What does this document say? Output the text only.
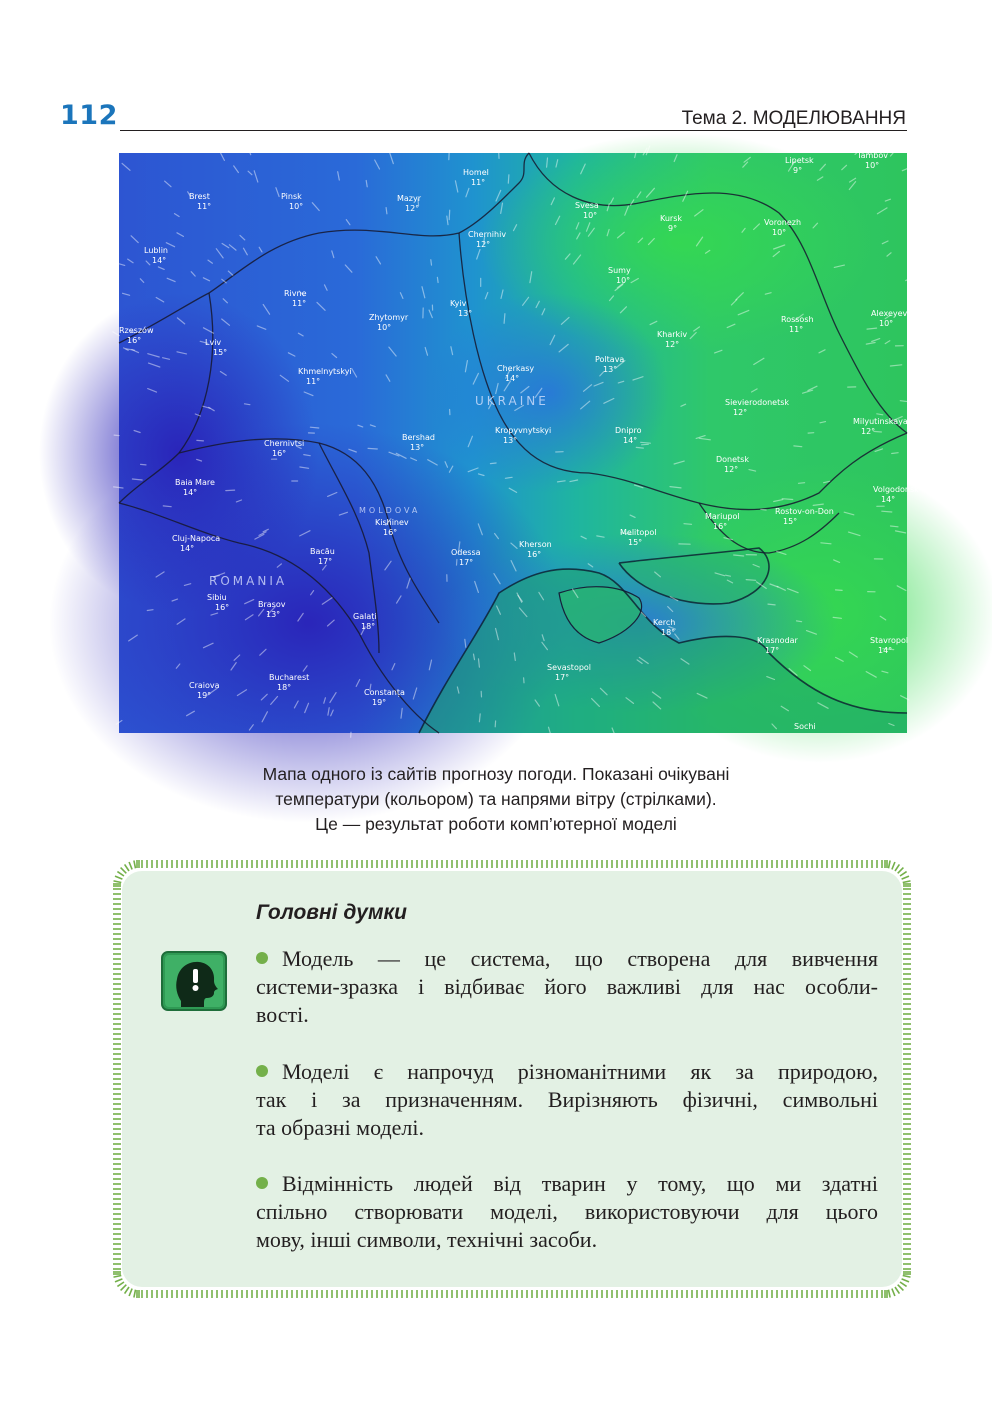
112	Тема 2. МОДЕЛЮВАННЯ
UKRAINE
ROMANIA
MOLDOVA
Brest
11°
Pinsk
10°
Mazyr
12°
Homel
11°
Svesa
10°	Kursk
9°
Lipetsk
9°
Tambov
10°
Voronezh
10°
Lublin
14°
Chernihiv
12°
Sumy
10°
Rivne
11°
Zhytomyr
10°
Kyiv
13°
Rzeszów
16°	Lviv
15°
Kharkiv
12°
Rossosh
11°
Alexeyevka
10°
Poltava
13°
Khmelnytskyi
11°
Cherkasy
14°
Sievierodonetsk
12°
Milyutinskaya
12°
Kropyvnytskyi
13°
Chernivtsi
16°
Bershad
13°
Dnipro
14°
Donetsk
12°
Baia Mare
14°	Volgodonsk
14°
Kishinev
16°
Mariupol
16°
Rostov-on-Don
15°
Cluj-Napoca
14°
Melitopol
15°
Bacău
17°
Odessa
17°
Kherson
16°
Sibiu
16°	Brasov
13°	Galați
18°	Kerch
18°
Krasnodar
17°
Stavropol
14°
Sevastopol
17°
Craiova
19°
Bucharest
18°
Constanța
19°
Sochi
Мапа одного із сайтів прогнозу погоди. Показані очікувані
температури (кольором) та напрями вітру (стрілками).
Це — результат роботи комп’ютерної моделі
Головні думки
Модель — це система, що створена для вивчення
системи-зразка і відбиває його важливі для нас особли-
вості.
Моделі є напрочуд різноманітними як за природою,
так і за призначенням. Вирізняють фізичні, символьні
та образні моделі.
Відмінність людей від тварин у тому, що ми здатні
спільно створювати моделі, використовуючи для цього
мову, інші символи, технічні засоби.
